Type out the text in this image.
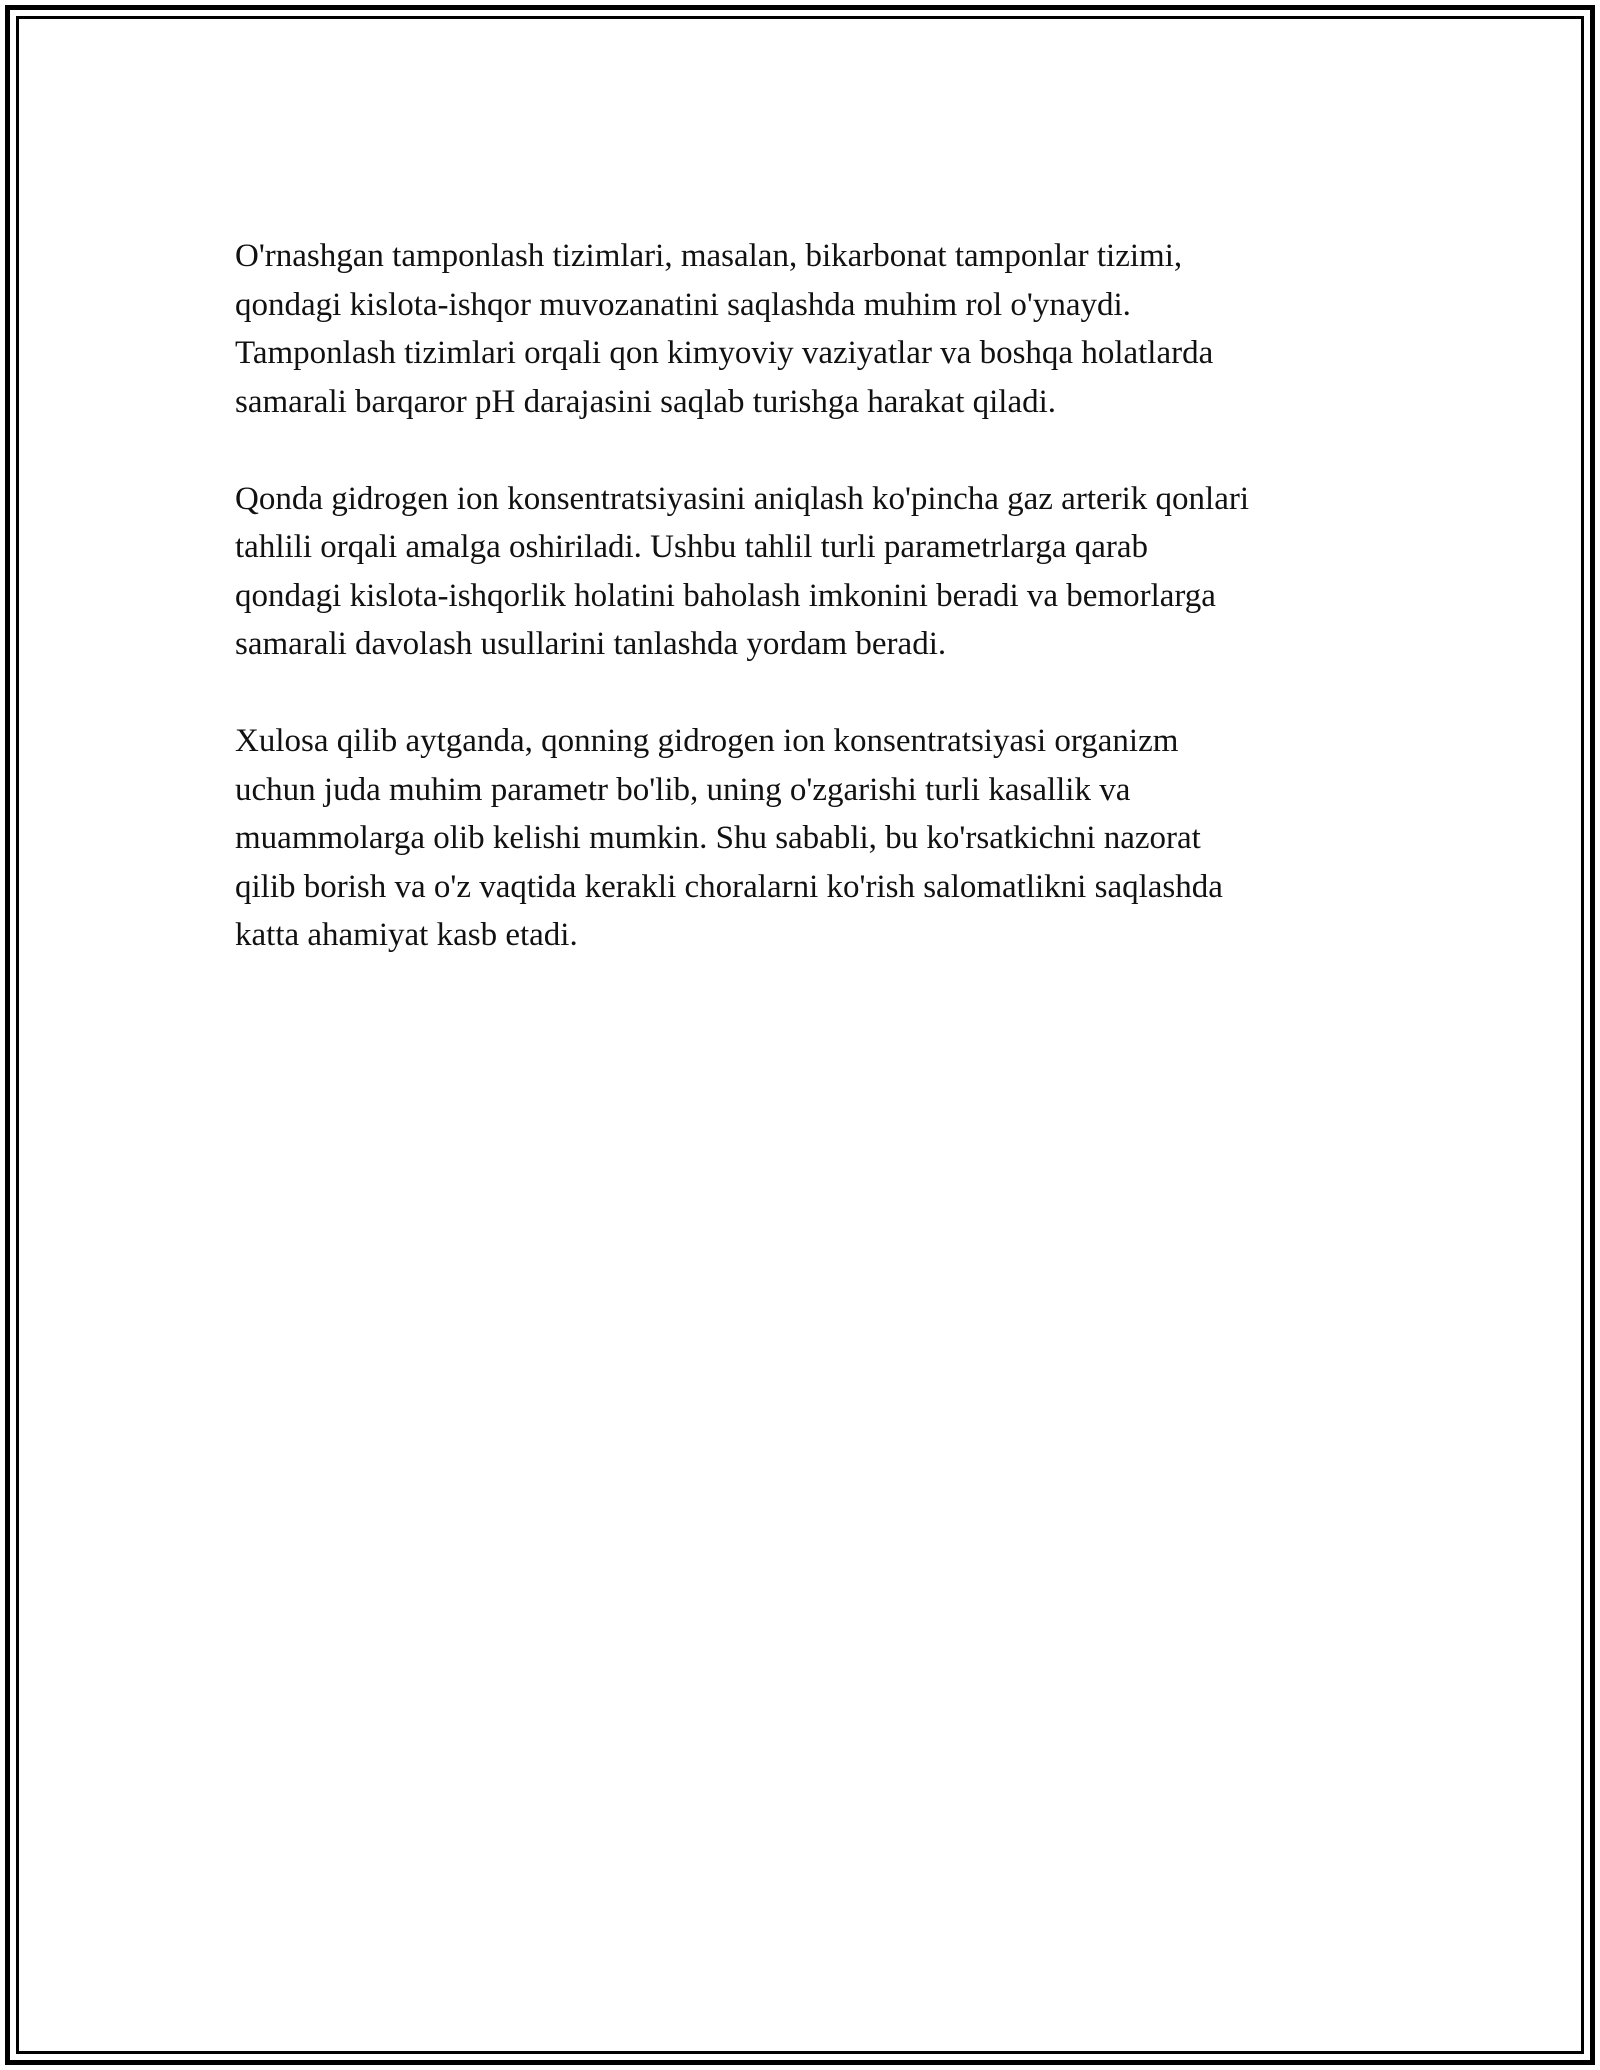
O'rnashgan tamponlash tizimlari, masalan, bikarbonat tamponlar tizimi,
qondagi kislota-ishqor muvozanatini saqlashda muhim rol o'ynaydi.
Tamponlash tizimlari orqali qon kimyoviy vaziyatlar va boshqa holatlarda
samarali barqaror pH darajasini saqlab turishga harakat qiladi.

Qonda gidrogen ion konsentratsiyasini aniqlash ko'pincha gaz arterik qonlari
tahlili orqali amalga oshiriladi. Ushbu tahlil turli parametrlarga qarab
qondagi kislota-ishqorlik holatini baholash imkonini beradi va bemorlarga
samarali davolash usullarini tanlashda yordam beradi.

Xulosa qilib aytganda, qonning gidrogen ion konsentratsiyasi organizm
uchun juda muhim parametr bo'lib, uning o'zgarishi turli kasallik va
muammolarga olib kelishi mumkin. Shu sababli, bu ko'rsatkichni nazorat
qilib borish va o'z vaqtida kerakli choralarni ko'rish salomatlikni saqlashda
katta ahamiyat kasb etadi.
